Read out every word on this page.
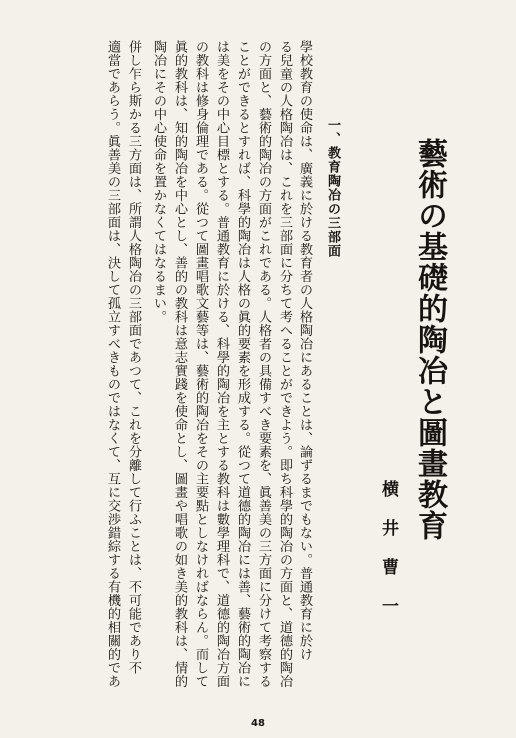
藝術の基礎的陶冶と圖畫教育
横井曹一
一、教育陶冶の三部面
學校教育の使命は、廣義に於ける教育者の人格陶冶にあることは、論ずるまでもない。普通教育に於け
る兒童の人格陶冶は、これを三部面に分ちて考へることができよう。即ち科學的陶冶の方面と、道德的陶冶
の方面と、藝術的陶冶の方面がこれである。人格者の具備すべき要素を、眞善美の三方面に分けて考察する
ことができるとすれば、科學的陶冶は人格の眞的要素を形成する。從つて道德的陶冶には善、藝術的陶冶に
は美をその中心目標とする。普通教育に於ける、科學的陶冶を主とする教科は數學理科で、道德的陶冶方面
の教科は修身倫理である。從つて圖畫唱歌文藝等は、藝術的陶冶をその主要點としなければならん。而して
眞的教科は、知的陶冶を中心とし、善的の教科は意志實踐を使命とし、圖畫や唱歌の如き美的教科は、情的
陶冶にその中心使命を置かなくてはなるまい。
併し乍ら斯かる三方面は、所謂人格陶冶の三部面であつて、これを分離して行ふことは、不可能であり不
適當であらう。眞善美の三部面は、決して孤立すべきものではなくて、互に交渉錯綜する有機的相關的であ
48
